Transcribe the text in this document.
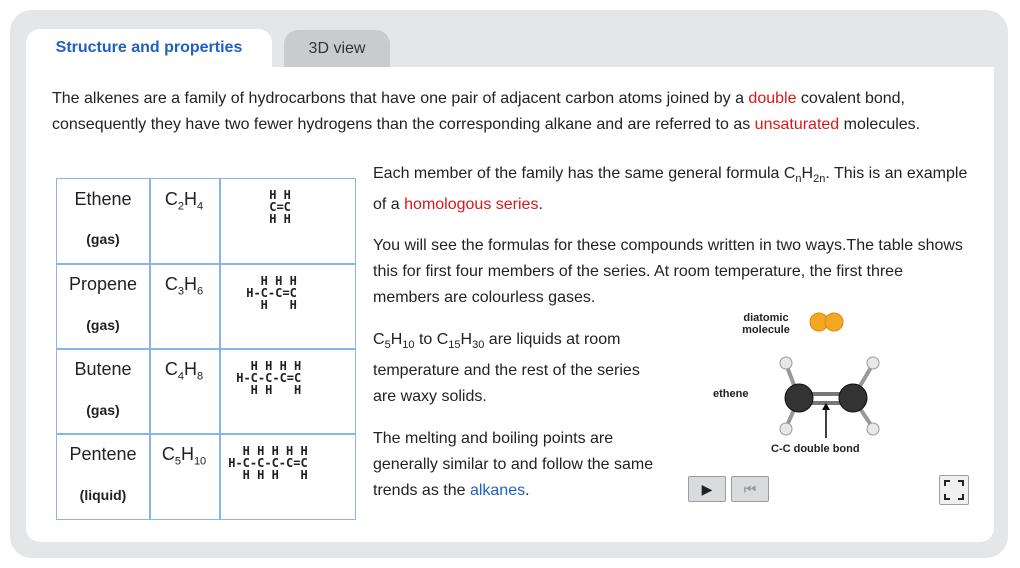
Structure and properties	3D view
The alkenes are a family of hydrocarbons that have one pair of adjacent carbon atoms joined by a double covalent bond, consequently they have two fewer hydrogens than the corresponding alkane and are referred to as unsaturated molecules.
Ethene
(gas)
$C_2H_4$
H H
C=C
H H
Propene
(gas)
$C_3H_6$
H H H
H-C-C=C
H   H
Butene
(gas)
$C_4H_8$
H H H H
H-C-C-C=C
H H   H
Pentene
(liquid)
$C_5H_{10}$
H H H H H
H-C-C-C-C=C
H H H   H
Each member of the family has the same general formula $C_nH_{2n}$. This is an example of a homologous series.
You will see the formulas for these compounds written in two ways.The table shows this for first four members of the series. At room temperature, the first three members are colourless gases.
$C_5H_{10}$ to $C_{15}H_{30}$ are liquids at room temperature and the rest of the series are waxy solids.
The melting and boiling points are generally similar to and follow the same trends as the alkanes.
diatomic molecule
ethene
C-C double bond
▶	⏮
